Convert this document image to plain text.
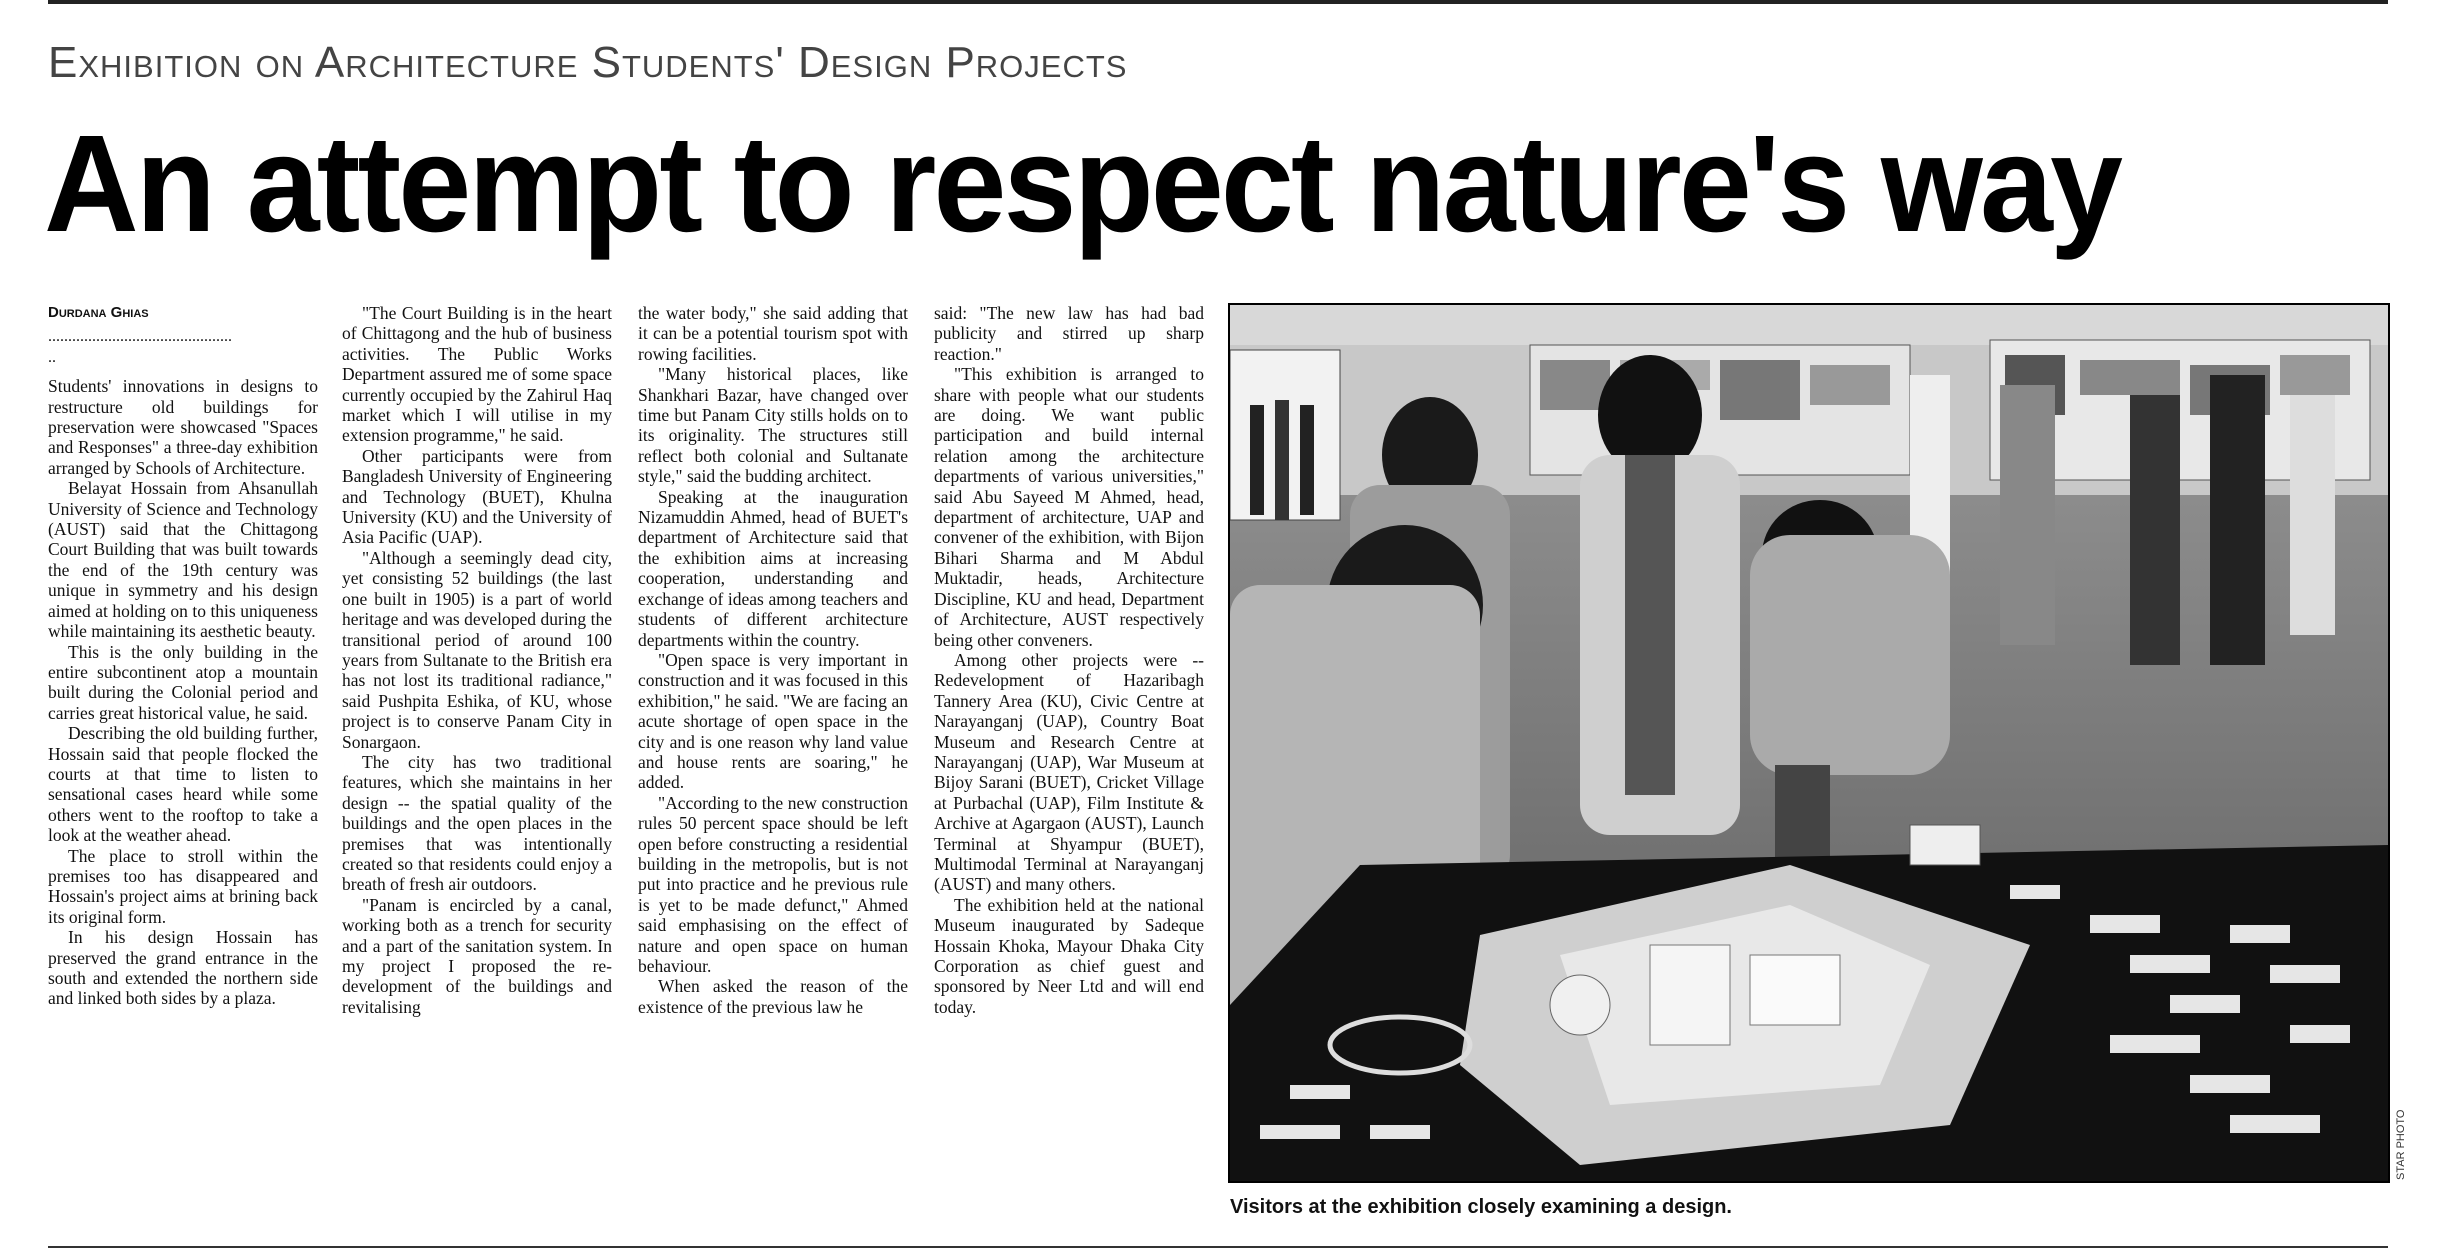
Exhibition on Architecture Students' Design Projects
An attempt to respect nature's way
Durdana Ghias
..............................................
..

Students' innovations in designs to restructure old buildings for preservation were showcased "Spaces and Responses" a three-day exhibition arranged by Schools of Architecture.

Belayat Hossain from Ahsanullah University of Science and Technology (AUST) said that the Chittagong Court Building that was built towards the end of the 19th century was unique in symmetry and his design aimed at holding on to this uniqueness while maintaining its aesthetic beauty.

This is the only building in the entire subcontinent atop a mountain built during the Colonial period and carries great historical value, he said.

Describing the old building further, Hossain said that people flocked the courts at that time to listen to sensational cases heard while some others went to the rooftop to take a look at the weather ahead.

The place to stroll within the premises too has disappeared and Hossain's project aims at brining back its original form.

In his design Hossain has preserved the grand entrance in the south and extended the northern side and linked both sides by a plaza.

"The Court Building is in the heart of Chittagong and the hub of business activities. The Public Works Department assured me of some space currently occupied by the Zahirul Haq market which I will utilise in my extension programme," he said.

Other participants were from Bangladesh University of Engineering and Technology (BUET), Khulna University (KU) and the University of Asia Pacific (UAP).

"Although a seemingly dead city, yet consisting 52 buildings (the last one built in 1905) is a part of world heritage and was developed during the transitional period of around 100 years from Sultanate to the British era has not lost its traditional radiance," said Pushpita Eshika, of KU, whose project is to conserve Panam City in Sonargaon.

The city has two traditional features, which she maintains in her design -- the spatial quality of the buildings and the open places in the premises that was intentionally created so that residents could enjoy a breath of fresh air outdoors.

"Panam is encircled by a canal, working both as a trench for security and a part of the sanitation system. In my project I proposed the re-development of the buildings and revitalising

the water body," she said adding that it can be a potential tourism spot with rowing facilities.

"Many historical places, like Shankhari Bazar, have changed over time but Panam City stills holds on to its originality. The structures still reflect both colonial and Sultanate style," said the budding architect.

Speaking at the inauguration Nizamuddin Ahmed, head of BUET's department of Architecture said that the exhibition aims at increasing cooperation, understanding and exchange of ideas among teachers and students of different architecture departments within the country.

"Open space is very important in construction and it was focused in this exhibition," he said. "We are facing an acute shortage of open space in the city and is one reason why land value and house rents are soaring," he added.

"According to the new construction rules 50 percent space should be left open before constructing a residential building in the metropolis, but is not put into practice and he previous rule is yet to be made defunct," Ahmed said emphasising on the effect of nature and open space on human behaviour.

When asked the reason of the existence of the previous law he

said: "The new law has had bad publicity and stirred up sharp reaction."

"This exhibition is arranged to share with people what our students are doing. We want public participation and build internal relation among the architecture departments of various universities," said Abu Sayeed M Ahmed, head, department of architecture, UAP and convener of the exhibition, with Bijon Bihari Sharma and M Abdul Muktadir, heads, Architecture Discipline, KU and head, Department of Architecture, AUST respectively being other conveners.

Among other projects were -- Redevelopment of Hazaribagh Tannery Area (KU), Civic Centre at Narayanganj (UAP), Country Boat Museum and Research Centre at Narayanganj (UAP), War Museum at Bijoy Sarani (BUET), Cricket Village at Purbachal (UAP), Film Institute & Archive at Agargaon (AUST), Launch Terminal at Shyampur (BUET), Multimodal Terminal at Narayanganj (AUST) and many others.

The exhibition held at the national Museum inaugurated by Sadeque Hossain Khoka, Mayour Dhaka City Corporation as chief guest and sponsored by Neer Ltd and will end today.

STAR PHOTO
Visitors at the exhibition closely examining a design.
